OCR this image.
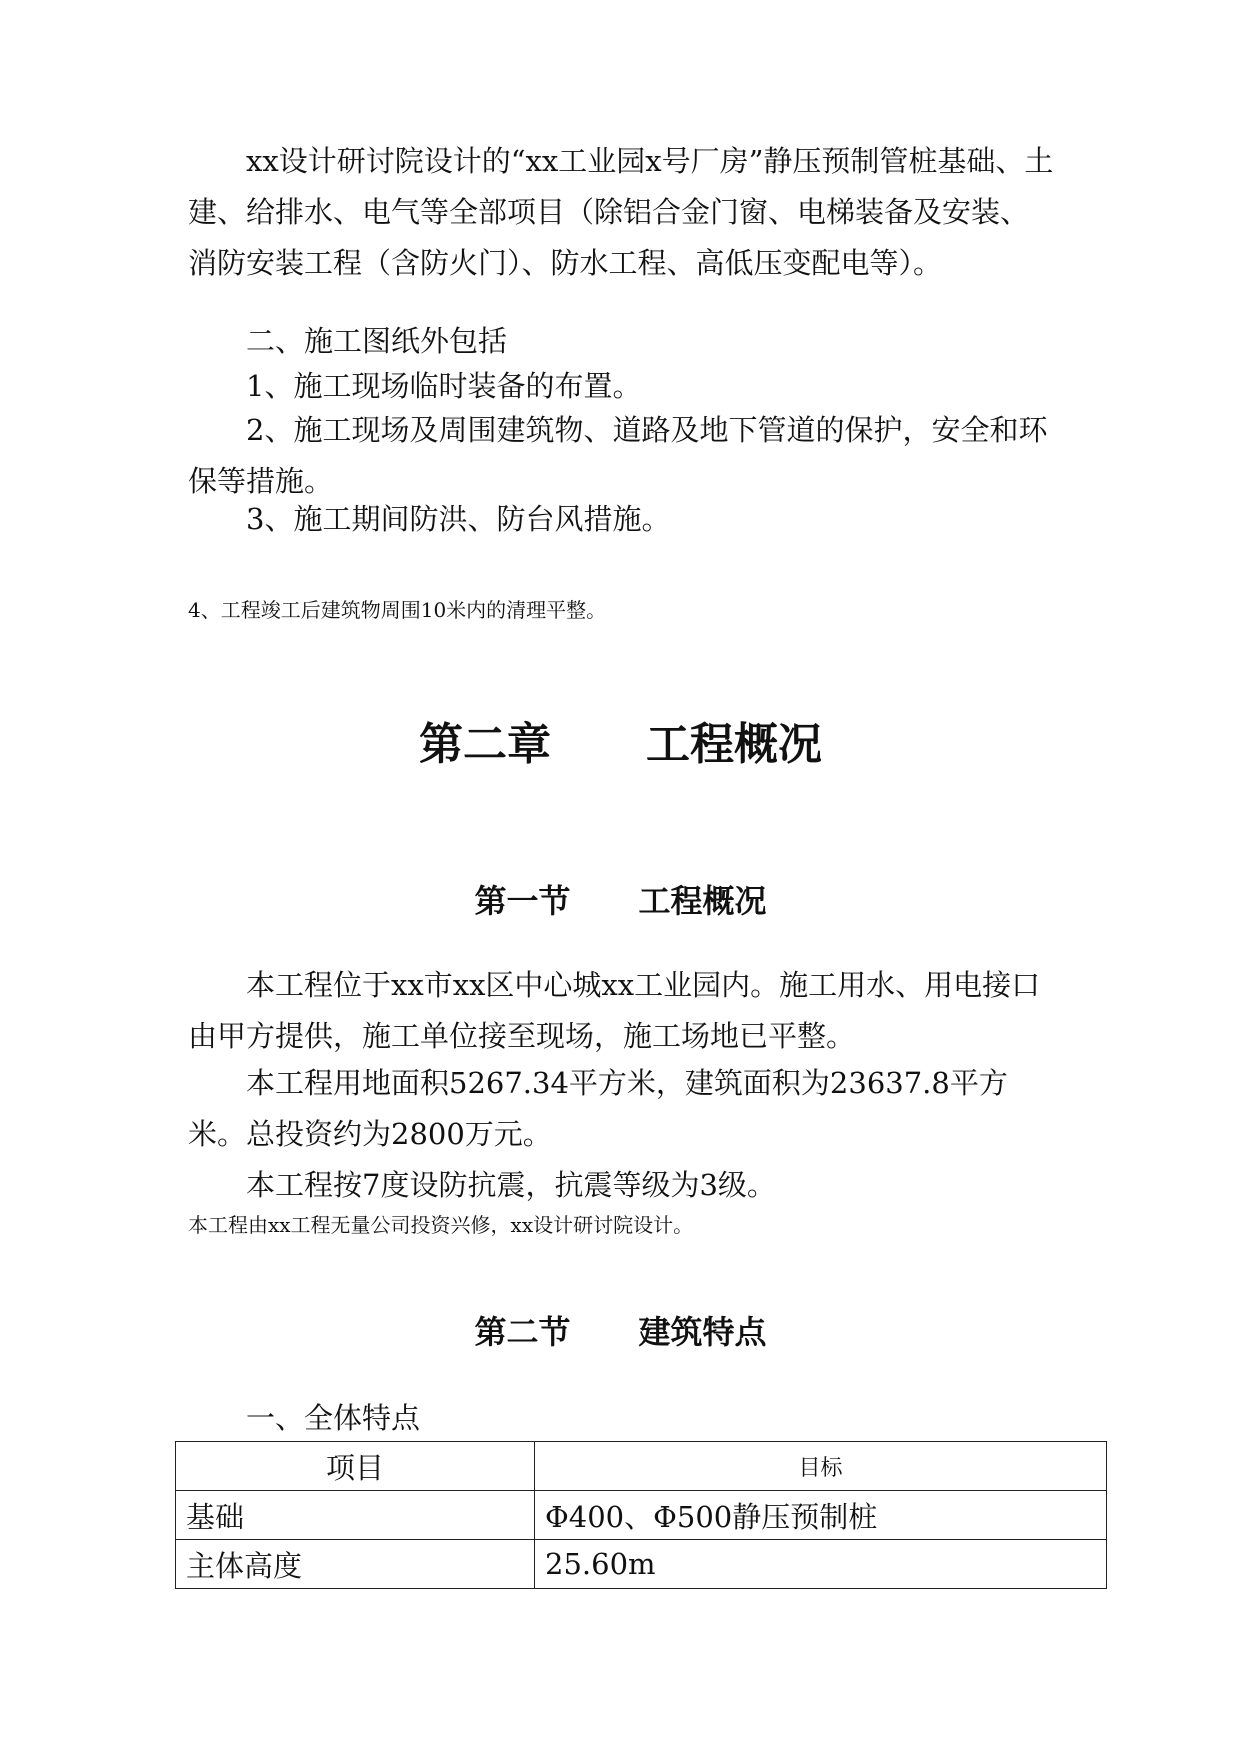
xx设计研讨院设计的“xx工业园x号厂房”静压预制管桩基础、土建、给排水、电气等全部项目（除铝合金门窗、电梯装备及安装、消防安装工程（含防火门）、防水工程、高低压变配电等）。

二、施工图纸外包括

1、施工现场临时装备的布置。

2、施工现场及周围建筑物、道路及地下管道的保护，安全和环保等措施。

3、施工期间防洪、防台风措施。

4、工程竣工后建筑物周围10米内的清理平整。

第二章 工程概况
第一节 工程概况

本工程位于xx市xx区中心城xx工业园内。施工用水、用电接口由甲方提供，施工单位接至现场，施工场地已平整。

本工程用地面积5267.34平方米，建筑面积为23637.8平方米。总投资约为2800万元。

本工程按7度设防抗震，抗震等级为3级。

本工程由xx工程无量公司投资兴修，xx设计研讨院设计。

第二节 建筑特点

一、全体特点

项目	目标
基础	Φ400、Φ500静压预制桩
主体高度	25.60m
